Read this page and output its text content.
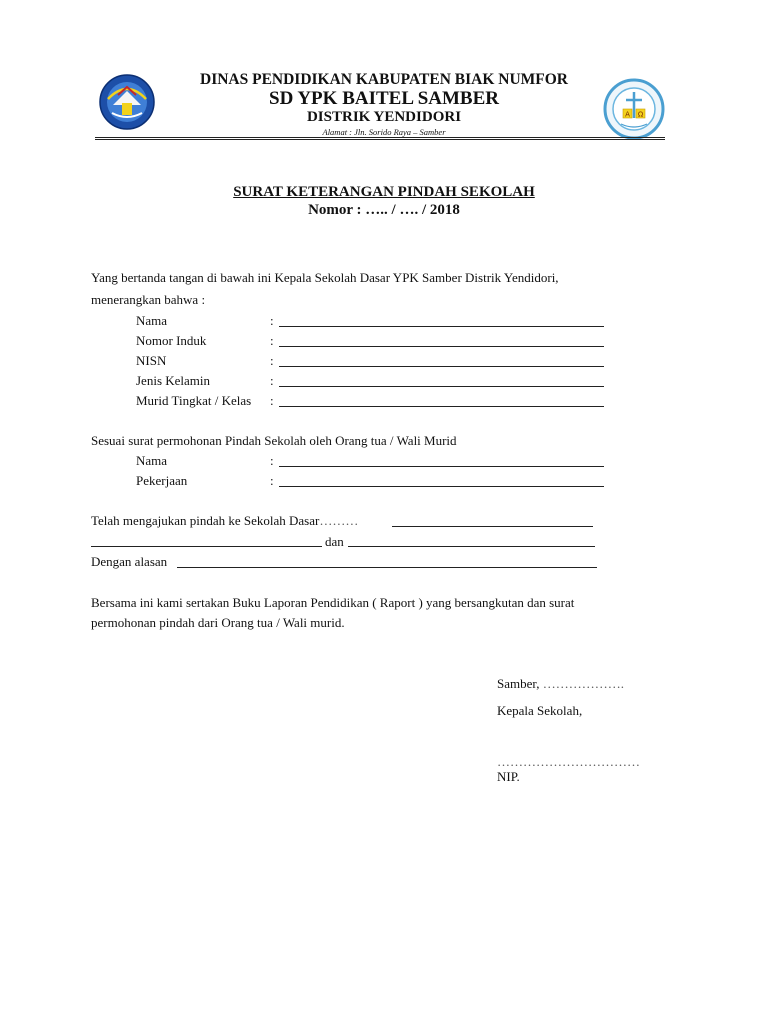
A Ω
DINAS PENDIDIKAN KABUPATEN BIAK NUMFOR
SD YPK BAITEL SAMBER
DISTRIK YENDIDORI
Alamat : Jln. Sorido Raya – Samber
SURAT KETERANGAN PINDAH SEKOLAH
Nomor : ….. / …. / 2018
Yang bertanda tangan di bawah ini Kepala Sekolah Dasar YPK Samber Distrik Yendidori,
menerangkan bahwa :
Nama	:
Nomor Induk	:
NISN	:
Jenis Kelamin	:
Murid Tingkat / Kelas :
Sesuai surat permohonan Pindah Sekolah oleh Orang tua / Wali Murid
Nama	:
Pekerjaan	:
Telah mengajukan pindah ke Sekolah Dasar………
dan
Dengan alasan
Bersama ini kami sertakan Buku Laporan Pendidikan ( Raport ) yang bersangkutan dan surat
permohonan pindah dari Orang tua / Wali murid.
Samber, ……………….
Kepala Sekolah,
……………………………
NIP.
